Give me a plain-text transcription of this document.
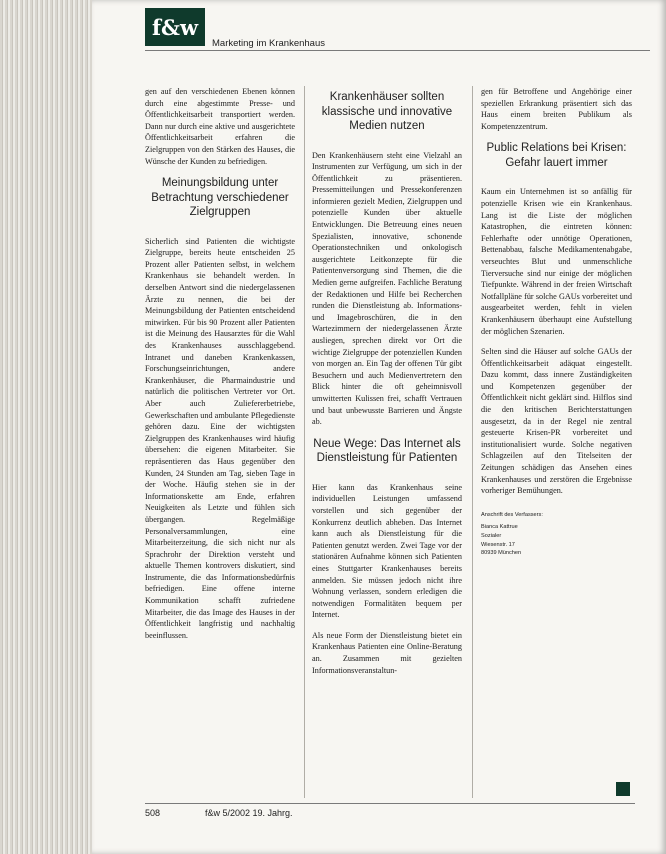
f&w
Marketing im Krankenhaus

gen auf den verschiedenen Ebenen können durch eine abgestimmte Presse- und Öffentlichkeitsarbeit transportiert werden. Dann nur durch eine aktive und ausgerichtete Öffentlichkeitsarbeit erfahren die Zielgruppen von den Stärken des Hauses, die Wünsche der Kunden zu befriedigen.

Meinungsbildung unter Betrachtung verschiedener Zielgruppen

Sicherlich sind Patienten die wichtigste Zielgruppe, bereits heute entscheiden 25 Prozent aller Patienten selbst, in welchem Krankenhaus sie behandelt werden. In derselben Antwort sind die niedergelassenen Ärzte zu nennen, die bei der Meinungsbildung der Patienten entscheidend mitwirken. Für bis 90 Prozent aller Patienten ist die Meinung des Hausarztes für die Wahl des Krankenhauses ausschlaggebend. Intranet und daneben Krankenkassen, Forschungseinrichtungen, andere Krankenhäuser, die Pharmaindustrie und natürlich die politischen Vertreter vor Ort. Aber auch Zuliefererbetriebe, Gewerkschaften und ambulante Pflegedienste gehören dazu. Eine der wichtigsten Zielgruppen des Krankenhauses wird häufig übersehen: die eigenen Mitarbeiter. Sie repräsentieren das Haus gegenüber den Kunden, 24 Stunden am Tag, sieben Tage in der Woche. Häufig stehen sie in der Informationskette am Ende, erfahren Neuigkeiten als Letzte und fühlen sich übergangen. Regelmäßige Personalversammlungen, eine Mitarbeiterzeitung, die sich nicht nur als Sprachrohr der Direktion versteht und aktuelle Themen kontrovers diskutiert, sind Instrumente, die das Informationsbedürfnis befriedigen. Eine offene interne Kommunikation schafft zufriedene Mitarbeiter, die das Image des Hauses in der Öffentlichkeit langfristig und nachhaltig beeinflussen.

Krankenhäuser sollten klassische und innovative Medien nutzen

Den Krankenhäusern steht eine Vielzahl an Instrumenten zur Verfügung, um sich in der Öffentlichkeit zu präsentieren. Pressemitteilungen und Pressekonferenzen informieren gezielt Medien, Zielgruppen und potenzielle Kunden über aktuelle Entwicklungen. Die Betreuung eines neuen Spezialisten, innovative, schonende Operationstechniken und onkologisch ausgerichtete Leitkonzepte für die Patientenversorgung sind Themen, die die Medien gerne aufgreifen. Fachliche Beratung der Redaktionen und Hilfe bei Recherchen runden die Dienstleistung ab. Informations- und Imagebroschüren, die in den Wartezimmern der niedergelassenen Ärzte ausliegen, sprechen direkt vor Ort die wichtige Zielgruppe der potenziellen Kunden von morgen an. Ein Tag der offenen Tür gibt Besuchern und auch Medienvertretern den Blick hinter die oft geheimnisvoll umwitterten Kulissen frei, schafft Vertrauen und baut unbewusste Barrieren und Ängste ab.

Neue Wege: Das Internet als Dienstleistung für Patienten

Hier kann das Krankenhaus seine individuellen Leistungen umfassend vorstellen und sich gegenüber der Konkurrenz deutlich abheben. Das Internet kann auch als Dienstleistung für die Patienten genutzt werden. Zwei Tage vor der stationären Aufnahme können sich Patienten eines Stuttgarter Krankenhauses bereits anmelden. Sie müssen jedoch nicht ihre Wohnung verlassen, sondern erledigen die notwendigen Formalitäten bequem per Internet.

Als neue Form der Dienstleistung bietet ein Krankenhaus Patienten eine Online-Beratung an. Zusammen mit gezielten Informationsveranstaltun-

gen für Betroffene und Angehörige einer speziellen Erkrankung präsentiert sich das Haus einem breiten Publikum als Kompetenzzentrum.

Public Relations bei Krisen: Gefahr lauert immer

Kaum ein Unternehmen ist so anfällig für potenzielle Krisen wie ein Krankenhaus. Lang ist die Liste der möglichen Katastrophen, die eintreten können: Fehlerhafte oder unnötige Operationen, Bettenabbau, falsche Medikamentenabgabe, verseuchtes Blut und unmenschliche Tierversuche sind nur einige der möglichen Tiefpunkte. Während in der freien Wirtschaft Notfallpläne für solche GAUs vorbereitet und ausgearbeitet werden, fehlt in vielen Krankenhäusern überhaupt eine Aufstellung der möglichen Szenarien.

Selten sind die Häuser auf solche GAUs der Öffentlichkeitsarbeit adäquat eingestellt. Dazu kommt, dass innere Zuständigkeiten und Kompetenzen gegenüber der Öffentlichkeit nicht geklärt sind. Hilflos sind die den kritischen Berichterstattungen ausgesetzt, da in der Regel nie zentral gesteuerte Krisen-PR vorbereitet und institutionalisiert wurde. Solche negativen Schlagzeilen auf den Titelseiten der Zeitungen schädigen das Ansehen eines Krankenhauses und zerstören die Ergebnisse vorheriger Bemühungen.

Anschrift des Verfassers:
Bianca Kattrue
Sozialer
Wiesenstr. 17
80939 München
508	f&w 5/2002 19. Jahrg.
